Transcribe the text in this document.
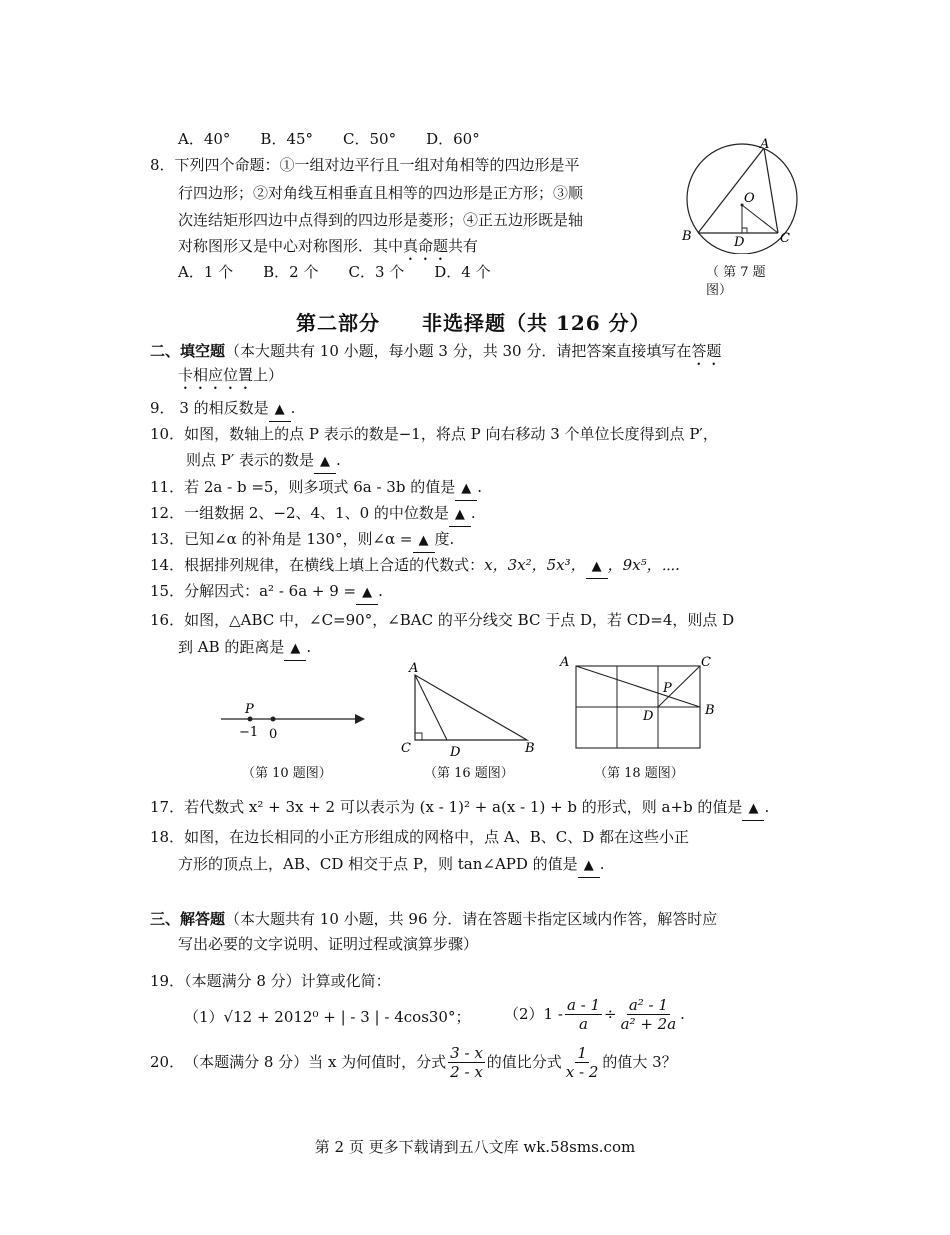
A．40°　　B．45°　　C．50°　　D．60°
8．下列四个命题：①一组对边平行且一组对角相等的四边形是平
行四边形；②对角线互相垂直且相等的四边形是正方形；③顺
次连结矩形四边中点得到的四边形是菱形；④正五边形既是轴
对称图形又是中心对称图形．其中真命题共有
A．1 个　　B．2 个　　C．3 个　　D．4 个
A
B	C
D
O
（ 第 7 题
图）
第二部分　　非选择题（共 126 分）
二、填空题（本大题共有 10 小题，每小题 3 分，共 30 分．请把答案直接填写在答题
卡相应位置上）
9． 3 的相反数是 ▲ .
10．如图，数轴上的点 P 表示的数是−1，将点 P 向右移动 3 个单位长度得到点 P′，
则点 P′ 表示的数是 ▲ .
11．若 2a - b =5，则多项式 6a - 3b 的值是 ▲ .
12．一组数据 2、−2、4、1、0 的中位数是 ▲ .
13．已知∠α 的补角是 130°，则∠α = ▲ 度.
14．根据排列规律，在横线上填上合适的代数式：x，3x²，5x³， ▲ ，9x⁵，⋯.
15．分解因式：a² - 6a + 9 = ▲ .
16．如图，△ABC 中，∠C=90°，∠BAC 的平分线交 BC 于点 D，若 CD=4，则点 D
到 AB 的距离是 ▲ .
P
−1 0
（第 10 题图）
A
C	D	B
（第 16 题图）
A	C
P
D	B
（第 18 题图）
17．若代数式 x² + 3x + 2 可以表示为 (x - 1)² + a(x - 1) + b 的形式，则 a+b 的值是 ▲ .
18．如图，在边长相同的小正方形组成的网格中，点 A、B、C、D 都在这些小正
方形的顶点上，AB、CD 相交于点 P，则 tan∠APD 的值是 ▲ .
三、解答题（本大题共有 10 小题，共 96 分．请在答题卡指定区域内作答，解答时应
写出必要的文字说明、证明过程或演算步骤）
19．（本题满分 8 分）计算或化简：
（1）√12 + 2012⁰ + | - 3 | - 4cos30°； $(2)1 - \frac{a - 1}{a} \div \frac{\text{a² - 1}}{\text{a² + 2a}}$ .
20． （本题满分 8 分）当 x 为何值时，分式 $\frac{3 - x}{2 - x}$ 的值比分式 $\frac{1}{x - 2}$ 的值大 3？
第 2 页 更多下载请到五八文库 wk.58sms.com
